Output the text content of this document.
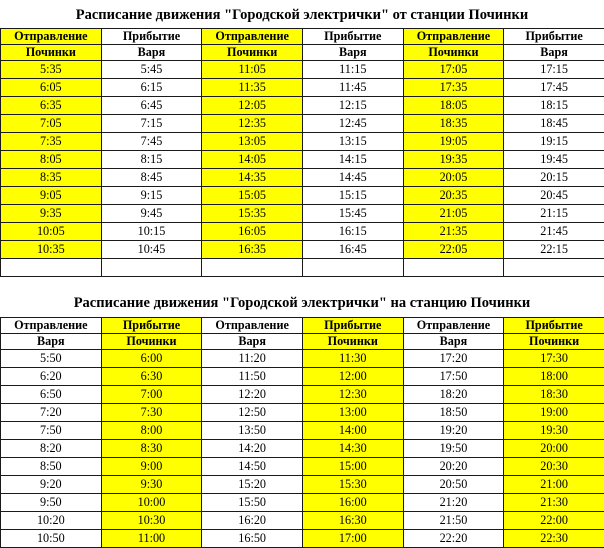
Расписание движения "Городской электрички" от станции Починки
Отправление	Прибытие	Отправление	Прибытие	Отправление	Прибытие
Починки	Варя	Починки	Варя	Починки	Варя
5:35	5:45	11:05	11:15	17:05	17:15
6:05	6:15	11:35	11:45	17:35	17:45
6:35	6:45	12:05	12:15	18:05	18:15
7:05	7:15	12:35	12:45	18:35	18:45
7:35	7:45	13:05	13:15	19:05	19:15
8:05	8:15	14:05	14:15	19:35	19:45
8:35	8:45	14:35	14:45	20:05	20:15
9:05	9:15	15:05	15:15	20:35	20:45
9:35	9:45	15:35	15:45	21:05	21:15
10:05	10:15	16:05	16:15	21:35	21:45
10:35	10:45	16:35	16:45	22:05	22:15

Расписание движения "Городской электрички" на станцию Починки
Отправление	Прибытие	Отправление	Прибытие	Отправление	Прибытие
Варя	Починки	Варя	Починки	Варя	Починки
5:50	6:00	11:20	11:30	17:20	17:30
6:20	6:30	11:50	12:00	17:50	18:00
6:50	7:00	12:20	12:30	18:20	18:30
7:20	7:30	12:50	13:00	18:50	19:00
7:50	8:00	13:50	14:00	19:20	19:30
8:20	8:30	14:20	14:30	19:50	20:00
8:50	9:00	14:50	15:00	20:20	20:30
9:20	9:30	15:20	15:30	20:50	21:00
9:50	10:00	15:50	16:00	21:20	21:30
10:20	10:30	16:20	16:30	21:50	22:00
10:50	11:00	16:50	17:00	22:20	22:30
